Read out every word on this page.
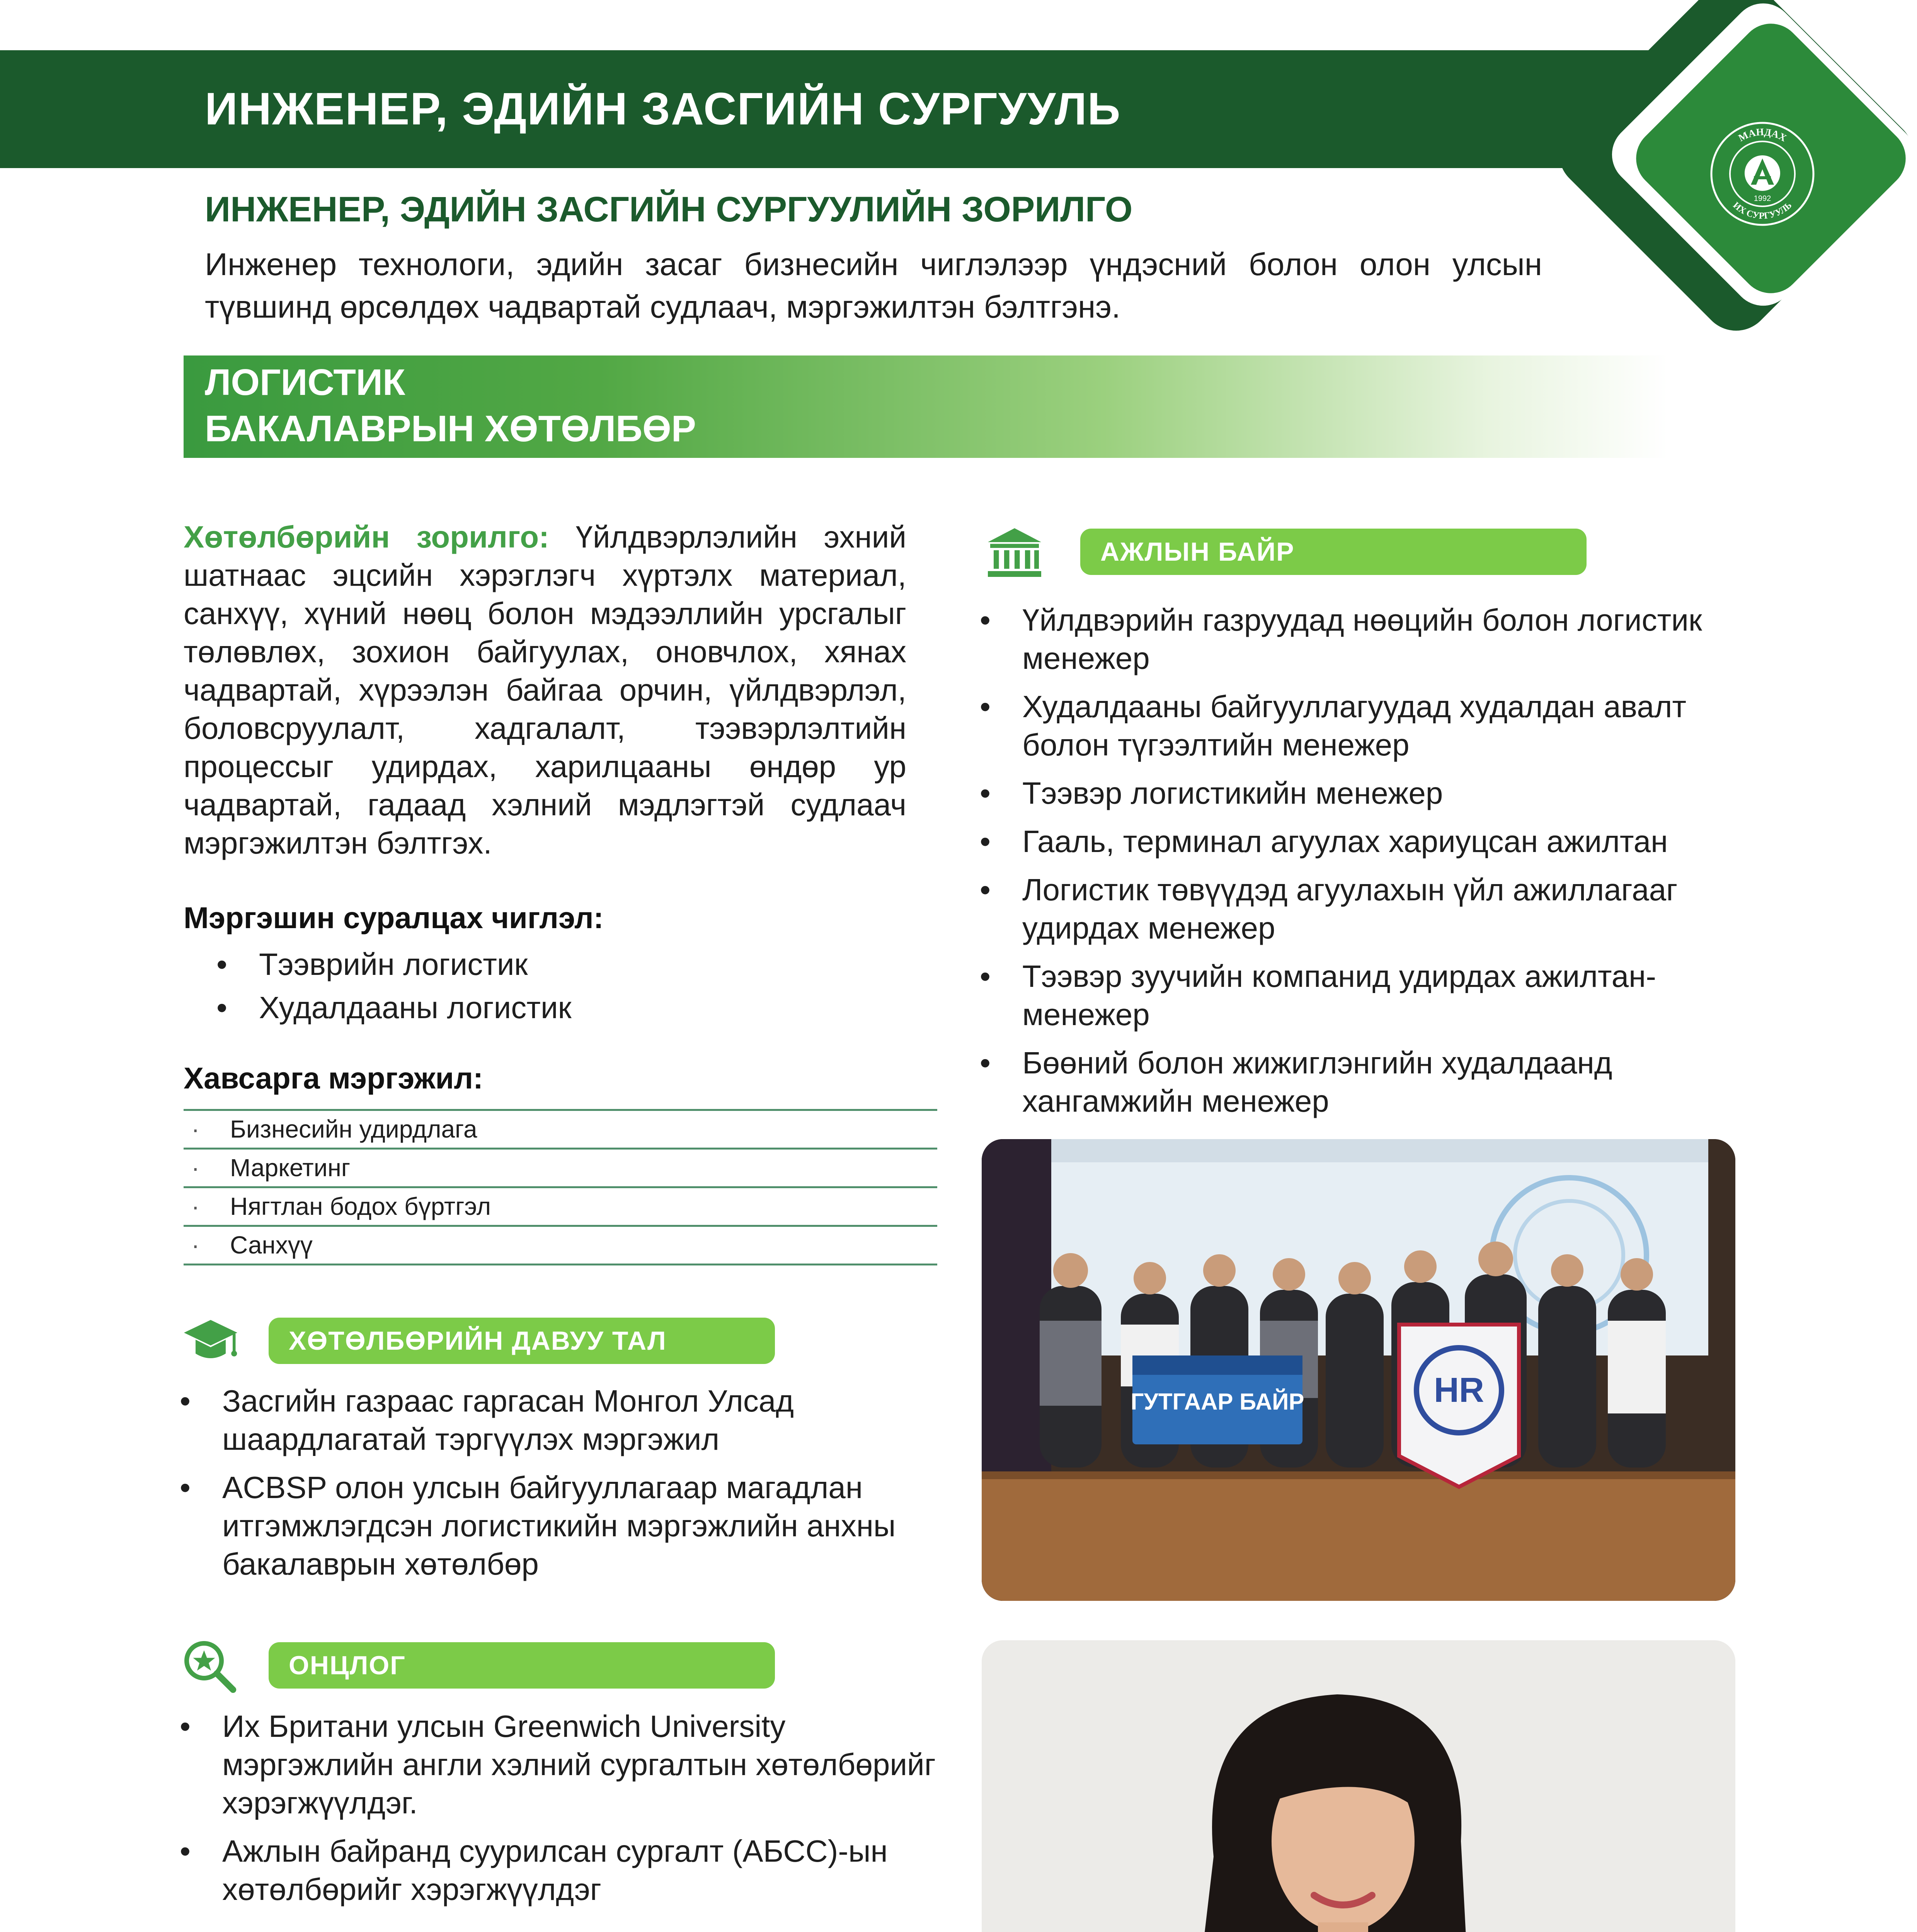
ИНЖЕНЕР, ЭДИЙН ЗАСГИЙН СУРГУУЛЬ
МАНДАХ
ИХ СУРГУУЛЬ
1992
ИНЖЕНЕР, ЭДИЙН ЗАСГИЙН СУРГУУЛИЙН ЗОРИЛГО
Инженер технологи, эдийн засаг бизнесийн чиглэлээр үндэсний болон олон улсын түвшинд өрсөлдөх чадвартай судлаач, мэргэжилтэн бэлтгэнэ.
ЛОГИСТИК
БАКАЛАВРЫН ХӨТӨЛБӨР
Хөтөлбөрийн зорилго: Үйлдвэрлэлийн эхний шатнаас эцсийн хэрэглэгч хүртэлх материал, санхүү, хүний нөөц болон мэдээллийн урсгалыг төлөвлөх, зохион байгуулах, оновчлох, хянах чадвартай, хүрээлэн байгаа орчин, үйлдвэрлэл, боловсруулалт, хадгалалт, тээвэрлэлтийн процессыг удирдах, харилцааны өндөр ур чадвартай, гадаад хэлний мэдлэгтэй судлаач мэргэжилтэн бэлтгэх.
Мэргэшин суралцах чиглэл:
• Тээврийн логистик
• Худалдааны логистик
Хавсарга мэргэжил:
· Бизнесийн удирдлага
· Маркетинг
· Нягтлан бодох бүртгэл
· Санхүү
ХӨТӨЛБӨРИЙН ДАВУУ ТАЛ
• Засгийн газраас гаргасан Монгол Улсад шаардлагатай тэргүүлэх мэргэжил
• ACBSP олон улсын байгууллагаар магадлан итгэмжлэгдсэн логистикийн мэргэжлийн анхны бакалаврын хөтөлбөр
ОНЦЛОГ
• Их Британи улсын Greenwich University мэргэжлийн англи хэлний сургалтын хөтөлбөрийг хэрэгжүүлдэг.
• Ажлын байранд суурилсан сургалт (АБСС)-ын хөтөлбөрийг хэрэгжүүлдэг
АЖЛЫН БАЙР
• Үйлдвэрийн газруудад нөөцийн болон логистик менежер
• Худалдааны байгууллагуудад худалдан авалт болон түгээлтийн менежер
• Тээвэр логистикийн менежер
• Гааль, терминал агуулах хариуцсан ажилтан
• Логистик төвүүдэд агуулахын үйл ажиллагааг удирдах менежер
• Тээвэр зуучийн компанид удирдах ажилтан-менежер
• Бөөний болон жижиглэнгийн худалдаанд хангамжийн менежер
ГУТГААР БАЙР	HR
